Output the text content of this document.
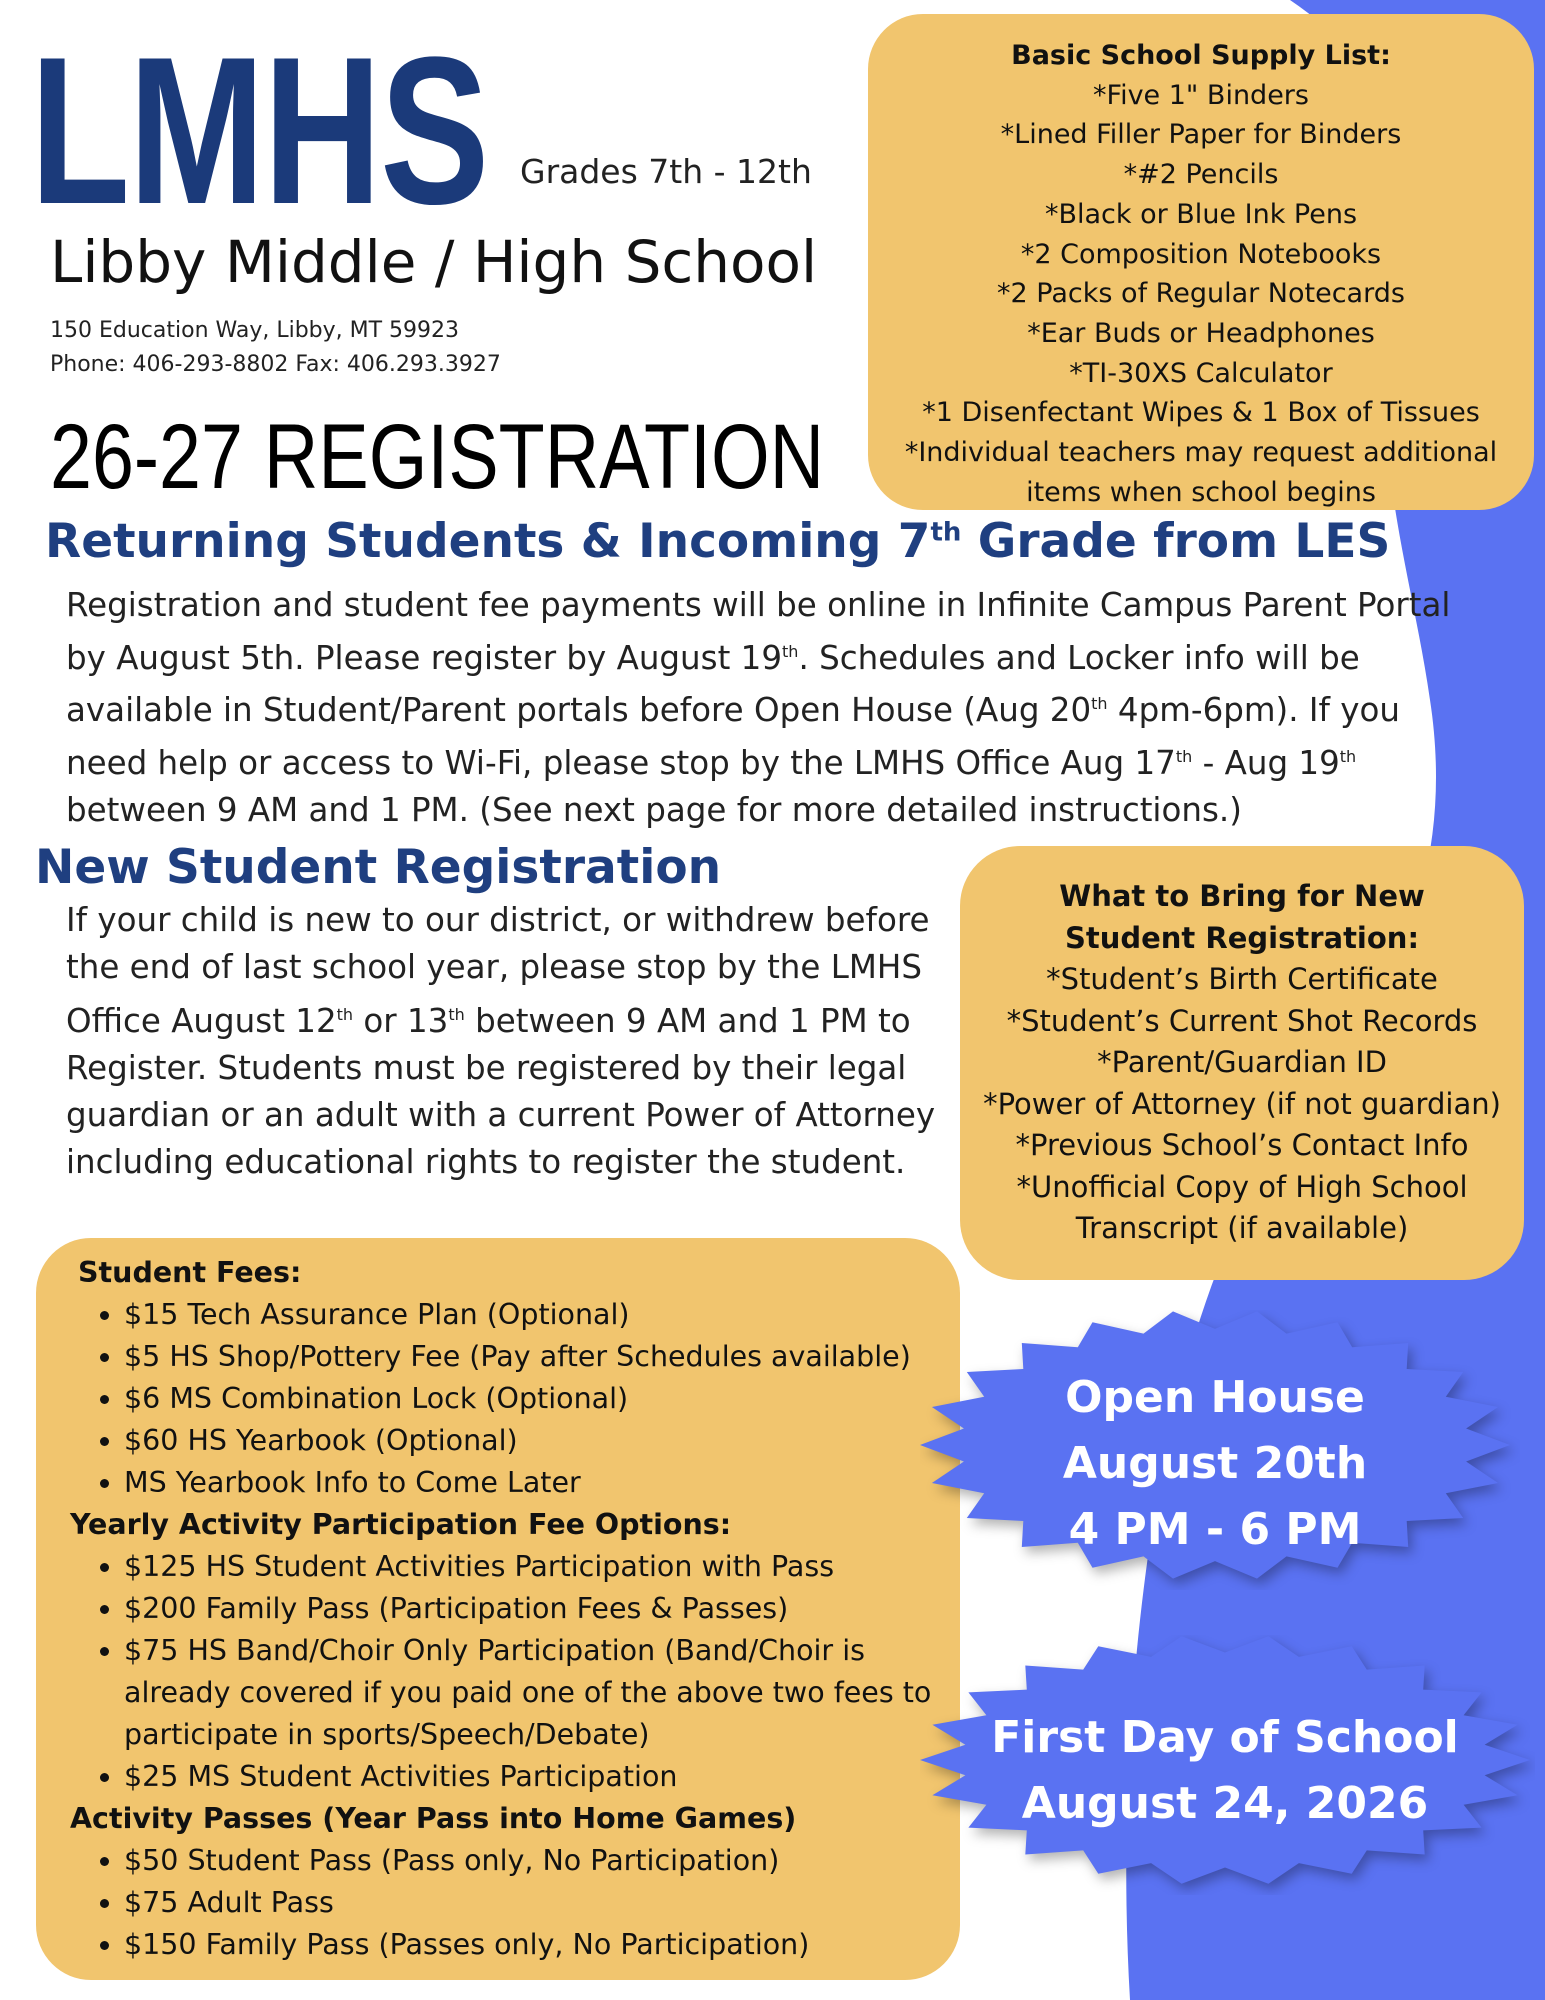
LMHS Grades 7th - 12th
Libby Middle / High School
150 Education Way, Libby, MT 59923
Phone: 406-293-8802 Fax: 406.293.3927
26-27 REGISTRATION
Basic School Supply List:
*Five 1" Binders
*Lined Filler Paper for Binders
*#2 Pencils
*Black or Blue Ink Pens
*2 Composition Notebooks
*2 Packs of Regular Notecards
*Ear Buds or Headphones
*TI-30XS Calculator
*1 Disenfectant Wipes & 1 Box of Tissues
*Individual teachers may request additional items when school begins
Returning Students & Incoming 7th Grade from LES
Registration and student fee payments will be online in Infinite Campus Parent Portal by August 5th. Please register by August 19th. Schedules and Locker info will be available in Student/Parent portals before Open House (Aug 20th 4pm-6pm). If you need help or access to Wi-Fi, please stop by the LMHS Office Aug 17th - Aug 19th between 9 AM and 1 PM. (See next page for more detailed instructions.)
New Student Registration
If your child is new to our district, or withdrew before the end of last school year, please stop by the LMHS Office August 12th or 13th between 9 AM and 1 PM to Register. Students must be registered by their legal guardian or an adult with a current Power of Attorney including educational rights to register the student.
What to Bring for New Student Registration:
*Student’s Birth Certificate
*Student’s Current Shot Records
*Parent/Guardian ID
*Power of Attorney (if not guardian)
*Previous School’s Contact Info
*Unofficial Copy of High School Transcript (if available)
Student Fees:
• $15 Tech Assurance Plan (Optional)
• $5 HS Shop/Pottery Fee (Pay after Schedules available)
• $6 MS Combination Lock (Optional)
• $60 HS Yearbook (Optional)
• MS Yearbook Info to Come Later
Yearly Activity Participation Fee Options:
• $125 HS Student Activities Participation with Pass
• $200 Family Pass (Participation Fees & Passes)
• $75 HS Band/Choir Only Participation (Band/Choir is already covered if you paid one of the above two fees to participate in sports/Speech/Debate)
• $25 MS Student Activities Participation
Activity Passes (Year Pass into Home Games)
• $50 Student Pass (Pass only, No Participation)
• $75 Adult Pass
• $150 Family Pass (Passes only, No Participation)
Open House
August 20th
4 PM - 6 PM
First Day of School
August 24, 2026
